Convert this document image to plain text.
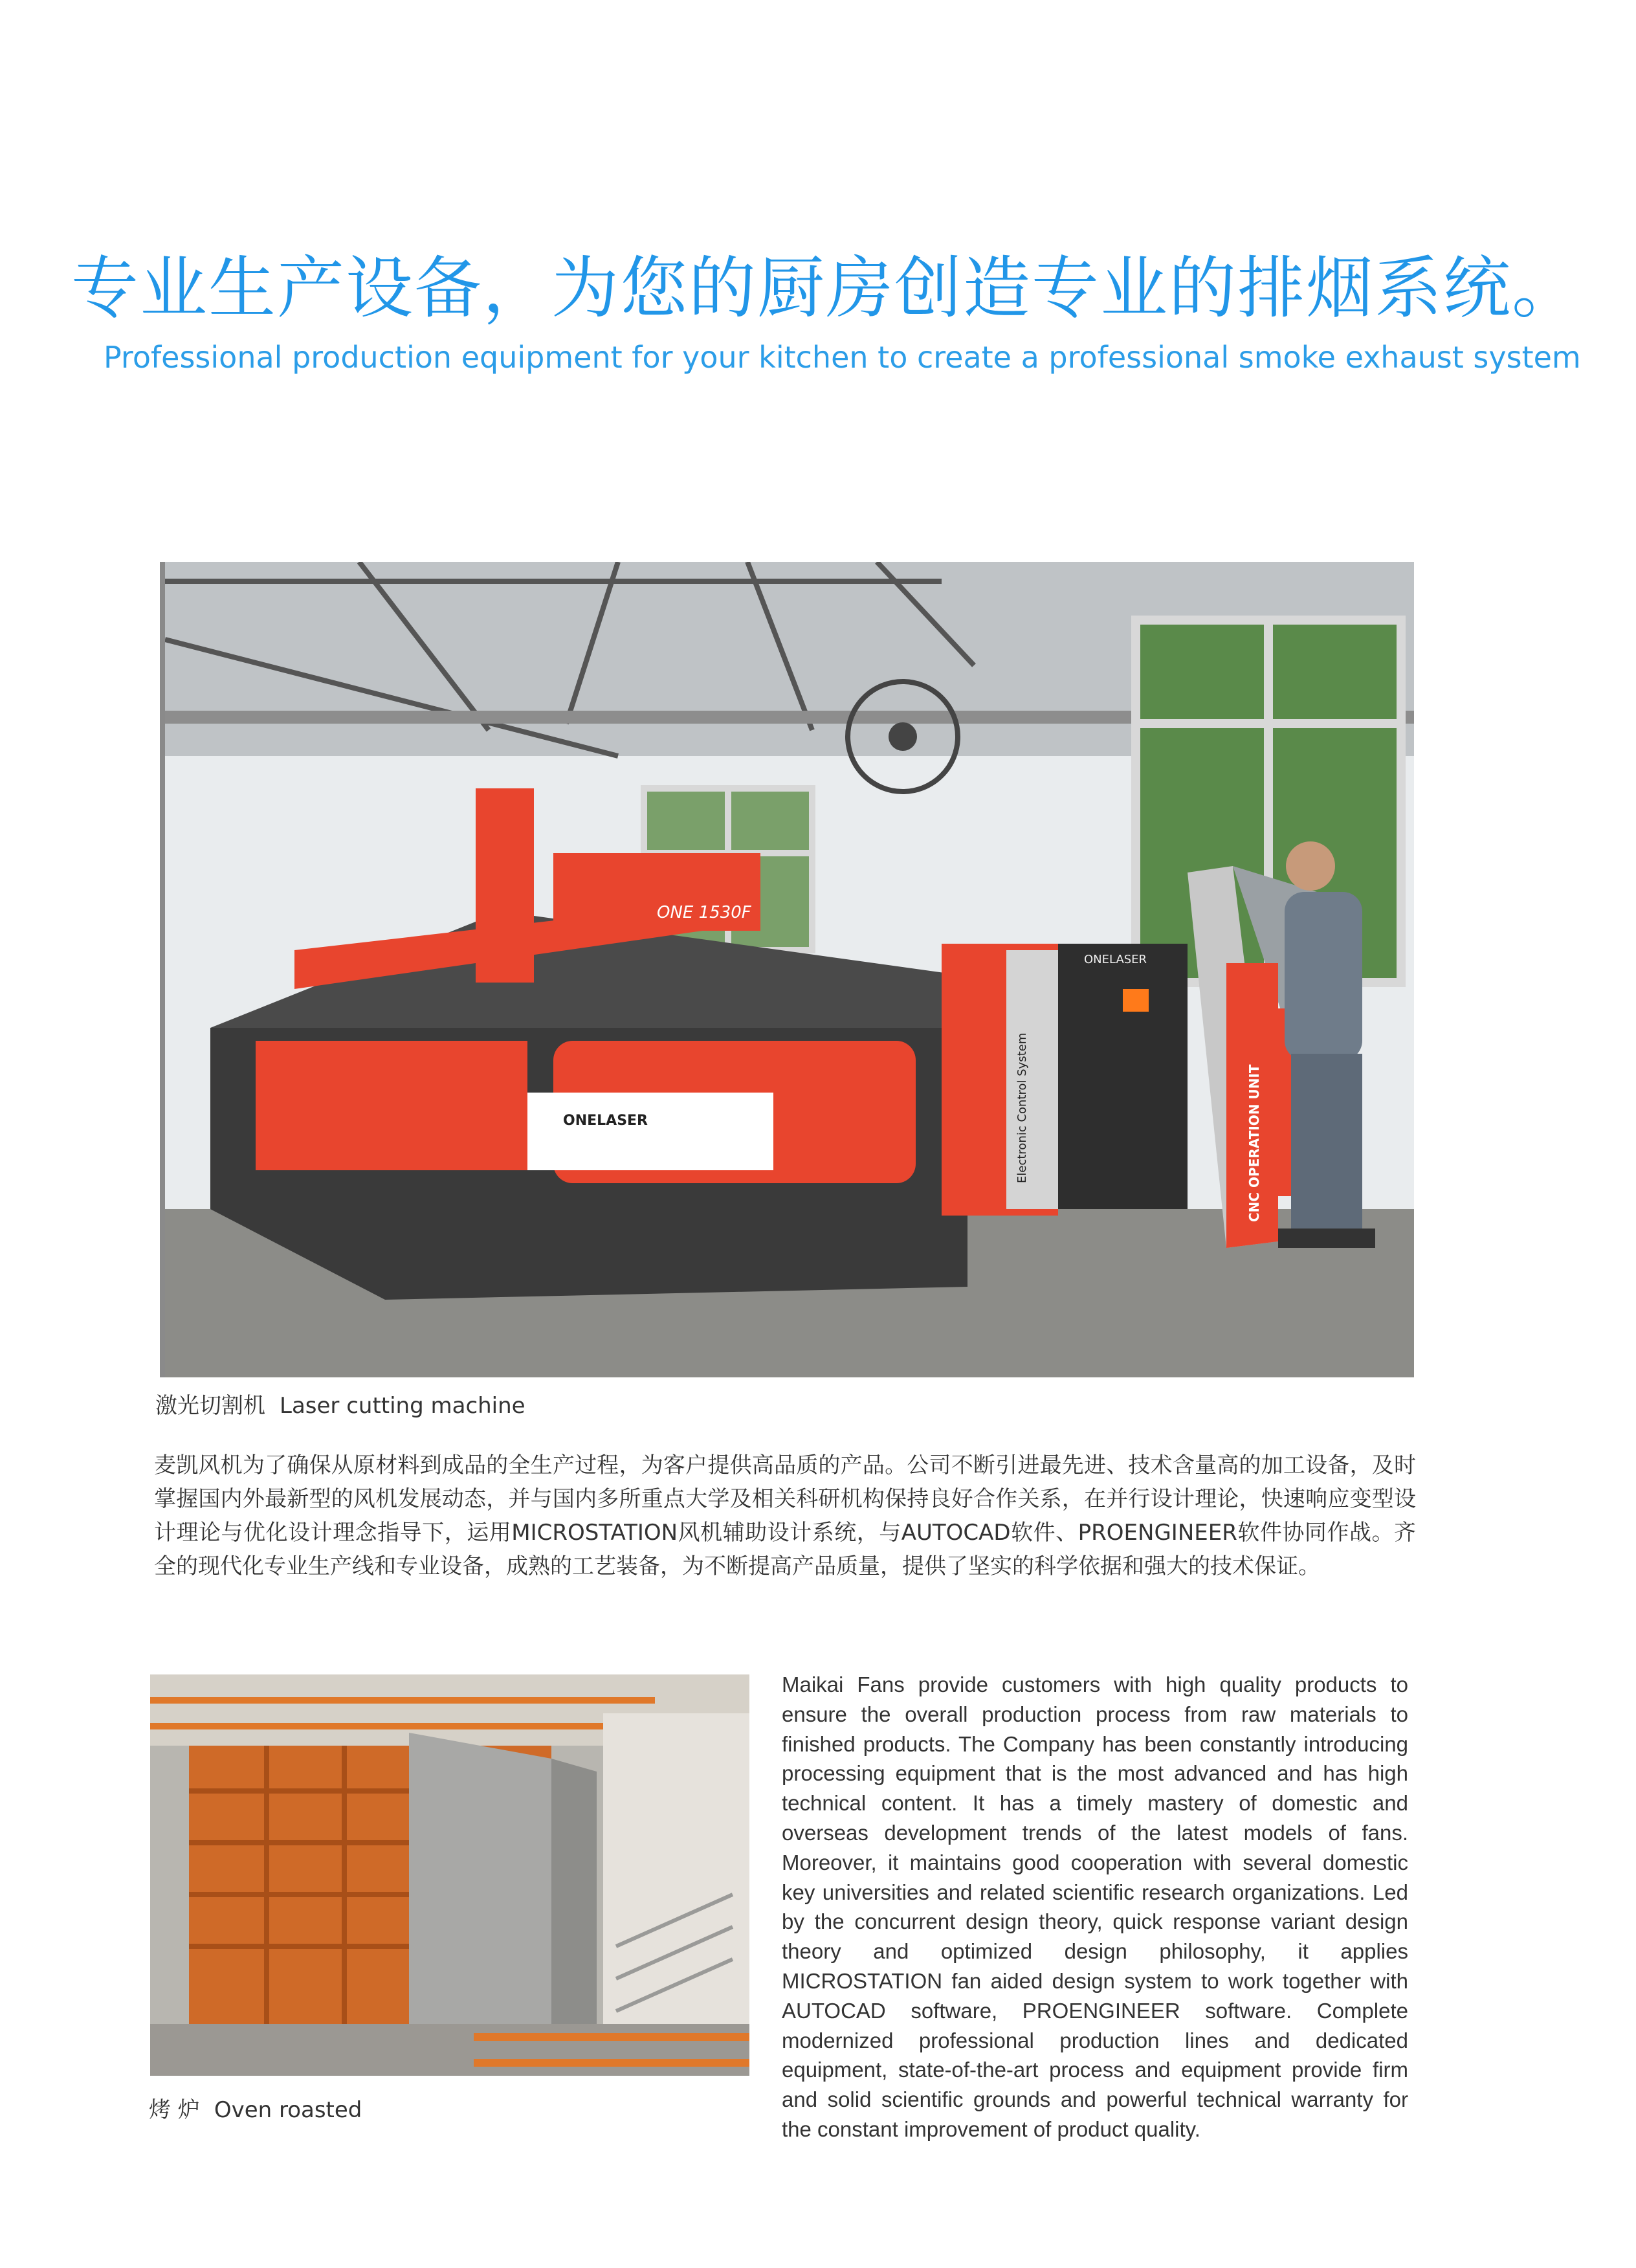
专业生产设备，为您的厨房创造专业的排烟系统。
Professional production equipment for your kitchen to create a professional smoke exhaust system
ONELASER
ONE 1530F
Electronic Control System
ONELASER
CNC OPERATION UNIT
激光切割机 Laser cutting machine
麦凯风机为了确保从原材料到成品的全生产过程，为客户提供高品质的产品。公司不断引进最先进、技术含量高的加工设备，及时掌握国内外最新型的风机发展动态，并与国内多所重点大学及相关科研机构保持良好合作关系，在并行设计理论，快速响应变型设计理论与优化设计理念指导下，运用MICROSTATION风机辅助设计系统，与AUTOCAD软件、PROENGINEER软件协同作战。齐全的现代化专业生产线和专业设备，成熟的工艺装备，为不断提高产品质量，提供了坚实的科学依据和强大的技术保证。
烤 炉 Oven roasted
Maikai Fans provide customers with high quality products to ensure the overall production process from raw materials to finished products. The Company has been constantly introducing processing equipment that is the most advanced and has high technical content. It has a timely mastery of domestic and overseas development trends of the latest models of fans. Moreover, it maintains good cooperation with several domestic key universities and related scientific research organizations. Led by the concurrent design theory, quick response variant design theory and optimized design philosophy, it applies MICROSTATION fan aided design system to work together with AUTOCAD software, PROENGINEER software. Complete modernized professional production lines and dedicated equipment, state-of-the-art process and equipment provide firm and solid scientific grounds and powerful technical warranty for the constant improvement of product quality.
